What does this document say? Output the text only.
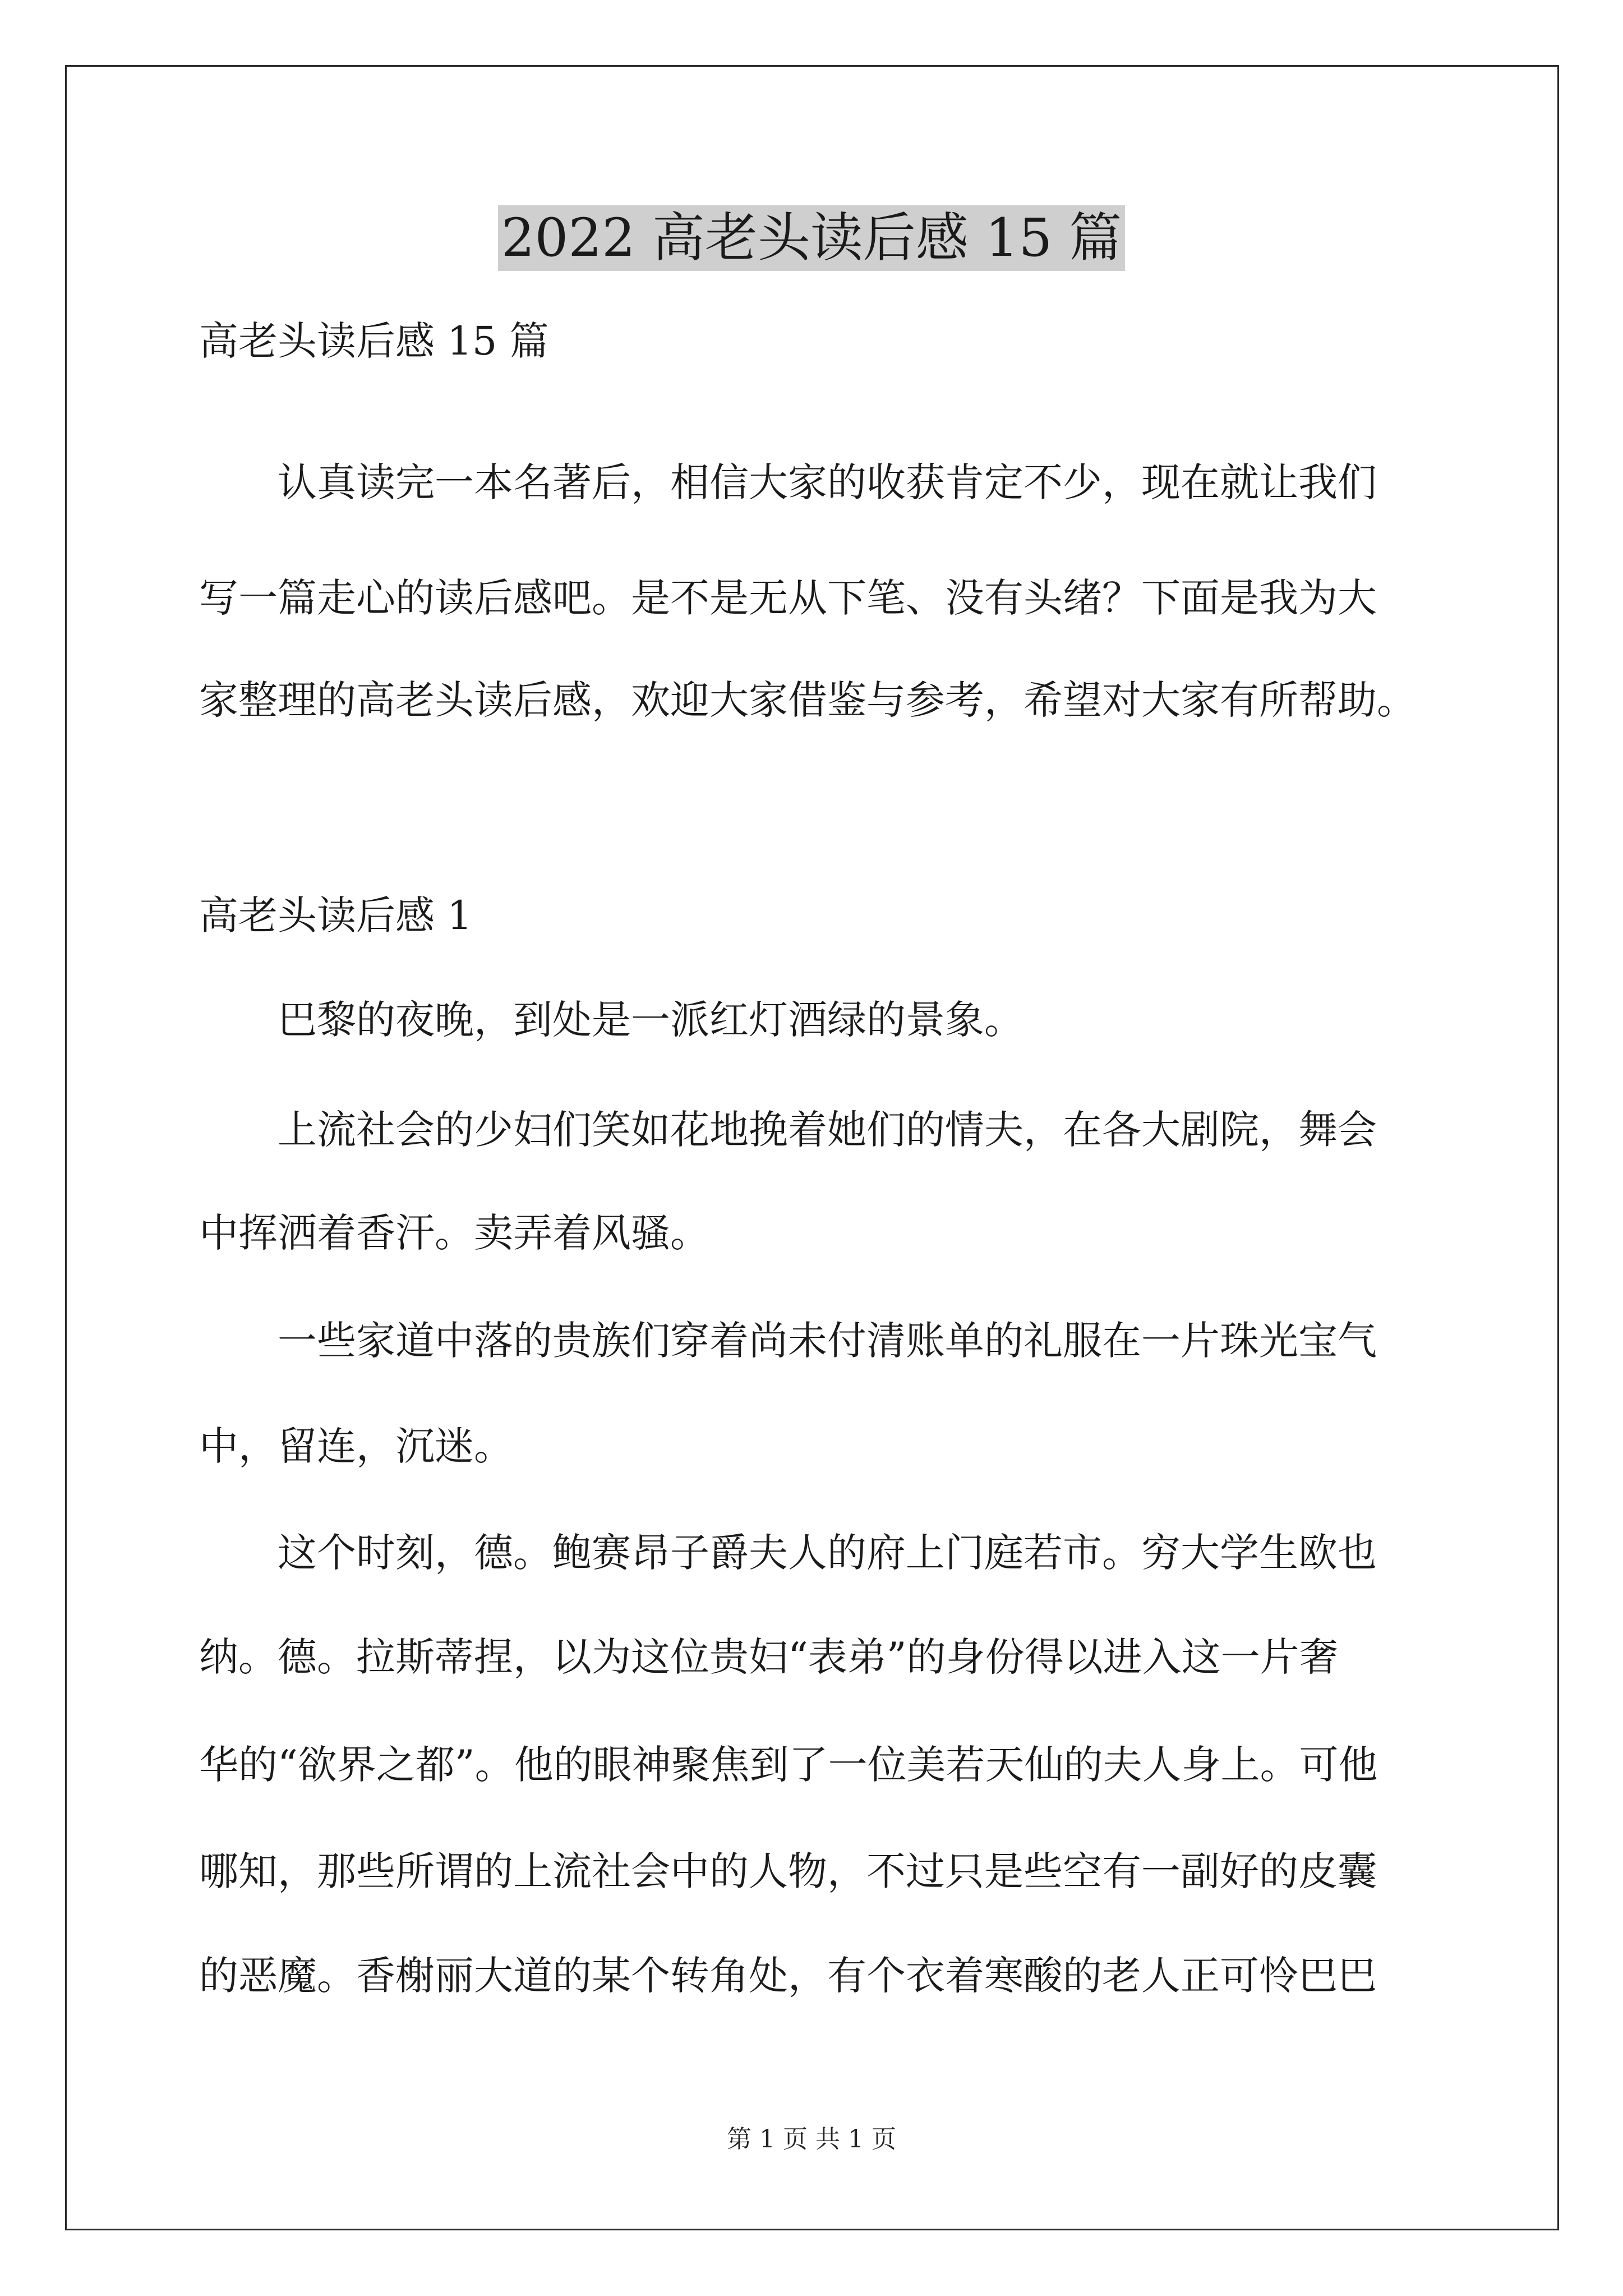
2022 高老头读后感 15 篇
高老头读后感 15 篇
认真读完一本名著后，相信大家的收获肯定不少，现在就让我们
写一篇走心的读后感吧。是不是无从下笔、没有头绪？下面是我为大
家整理的高老头读后感，欢迎大家借鉴与参考，希望对大家有所帮助。
高老头读后感 1
巴黎的夜晚，到处是一派红灯酒绿的景象。
上流社会的少妇们笑如花地挽着她们的情夫，在各大剧院，舞会
中挥洒着香汗。卖弄着风骚。
一些家道中落的贵族们穿着尚未付清账单的礼服在一片珠光宝气
中，留连，沉迷。
这个时刻，德。鲍赛昂子爵夫人的府上门庭若市。穷大学生欧也
纳。德。拉斯蒂捏，以为这位贵妇“表弟”的身份得以进入这一片奢
华的“欲界之都”。他的眼神聚焦到了一位美若天仙的夫人身上。可他
哪知，那些所谓的上流社会中的人物，不过只是些空有一副好的皮囊
的恶魔。香榭丽大道的某个转角处，有个衣着寒酸的老人正可怜巴巴
第 1 页 共 1 页
